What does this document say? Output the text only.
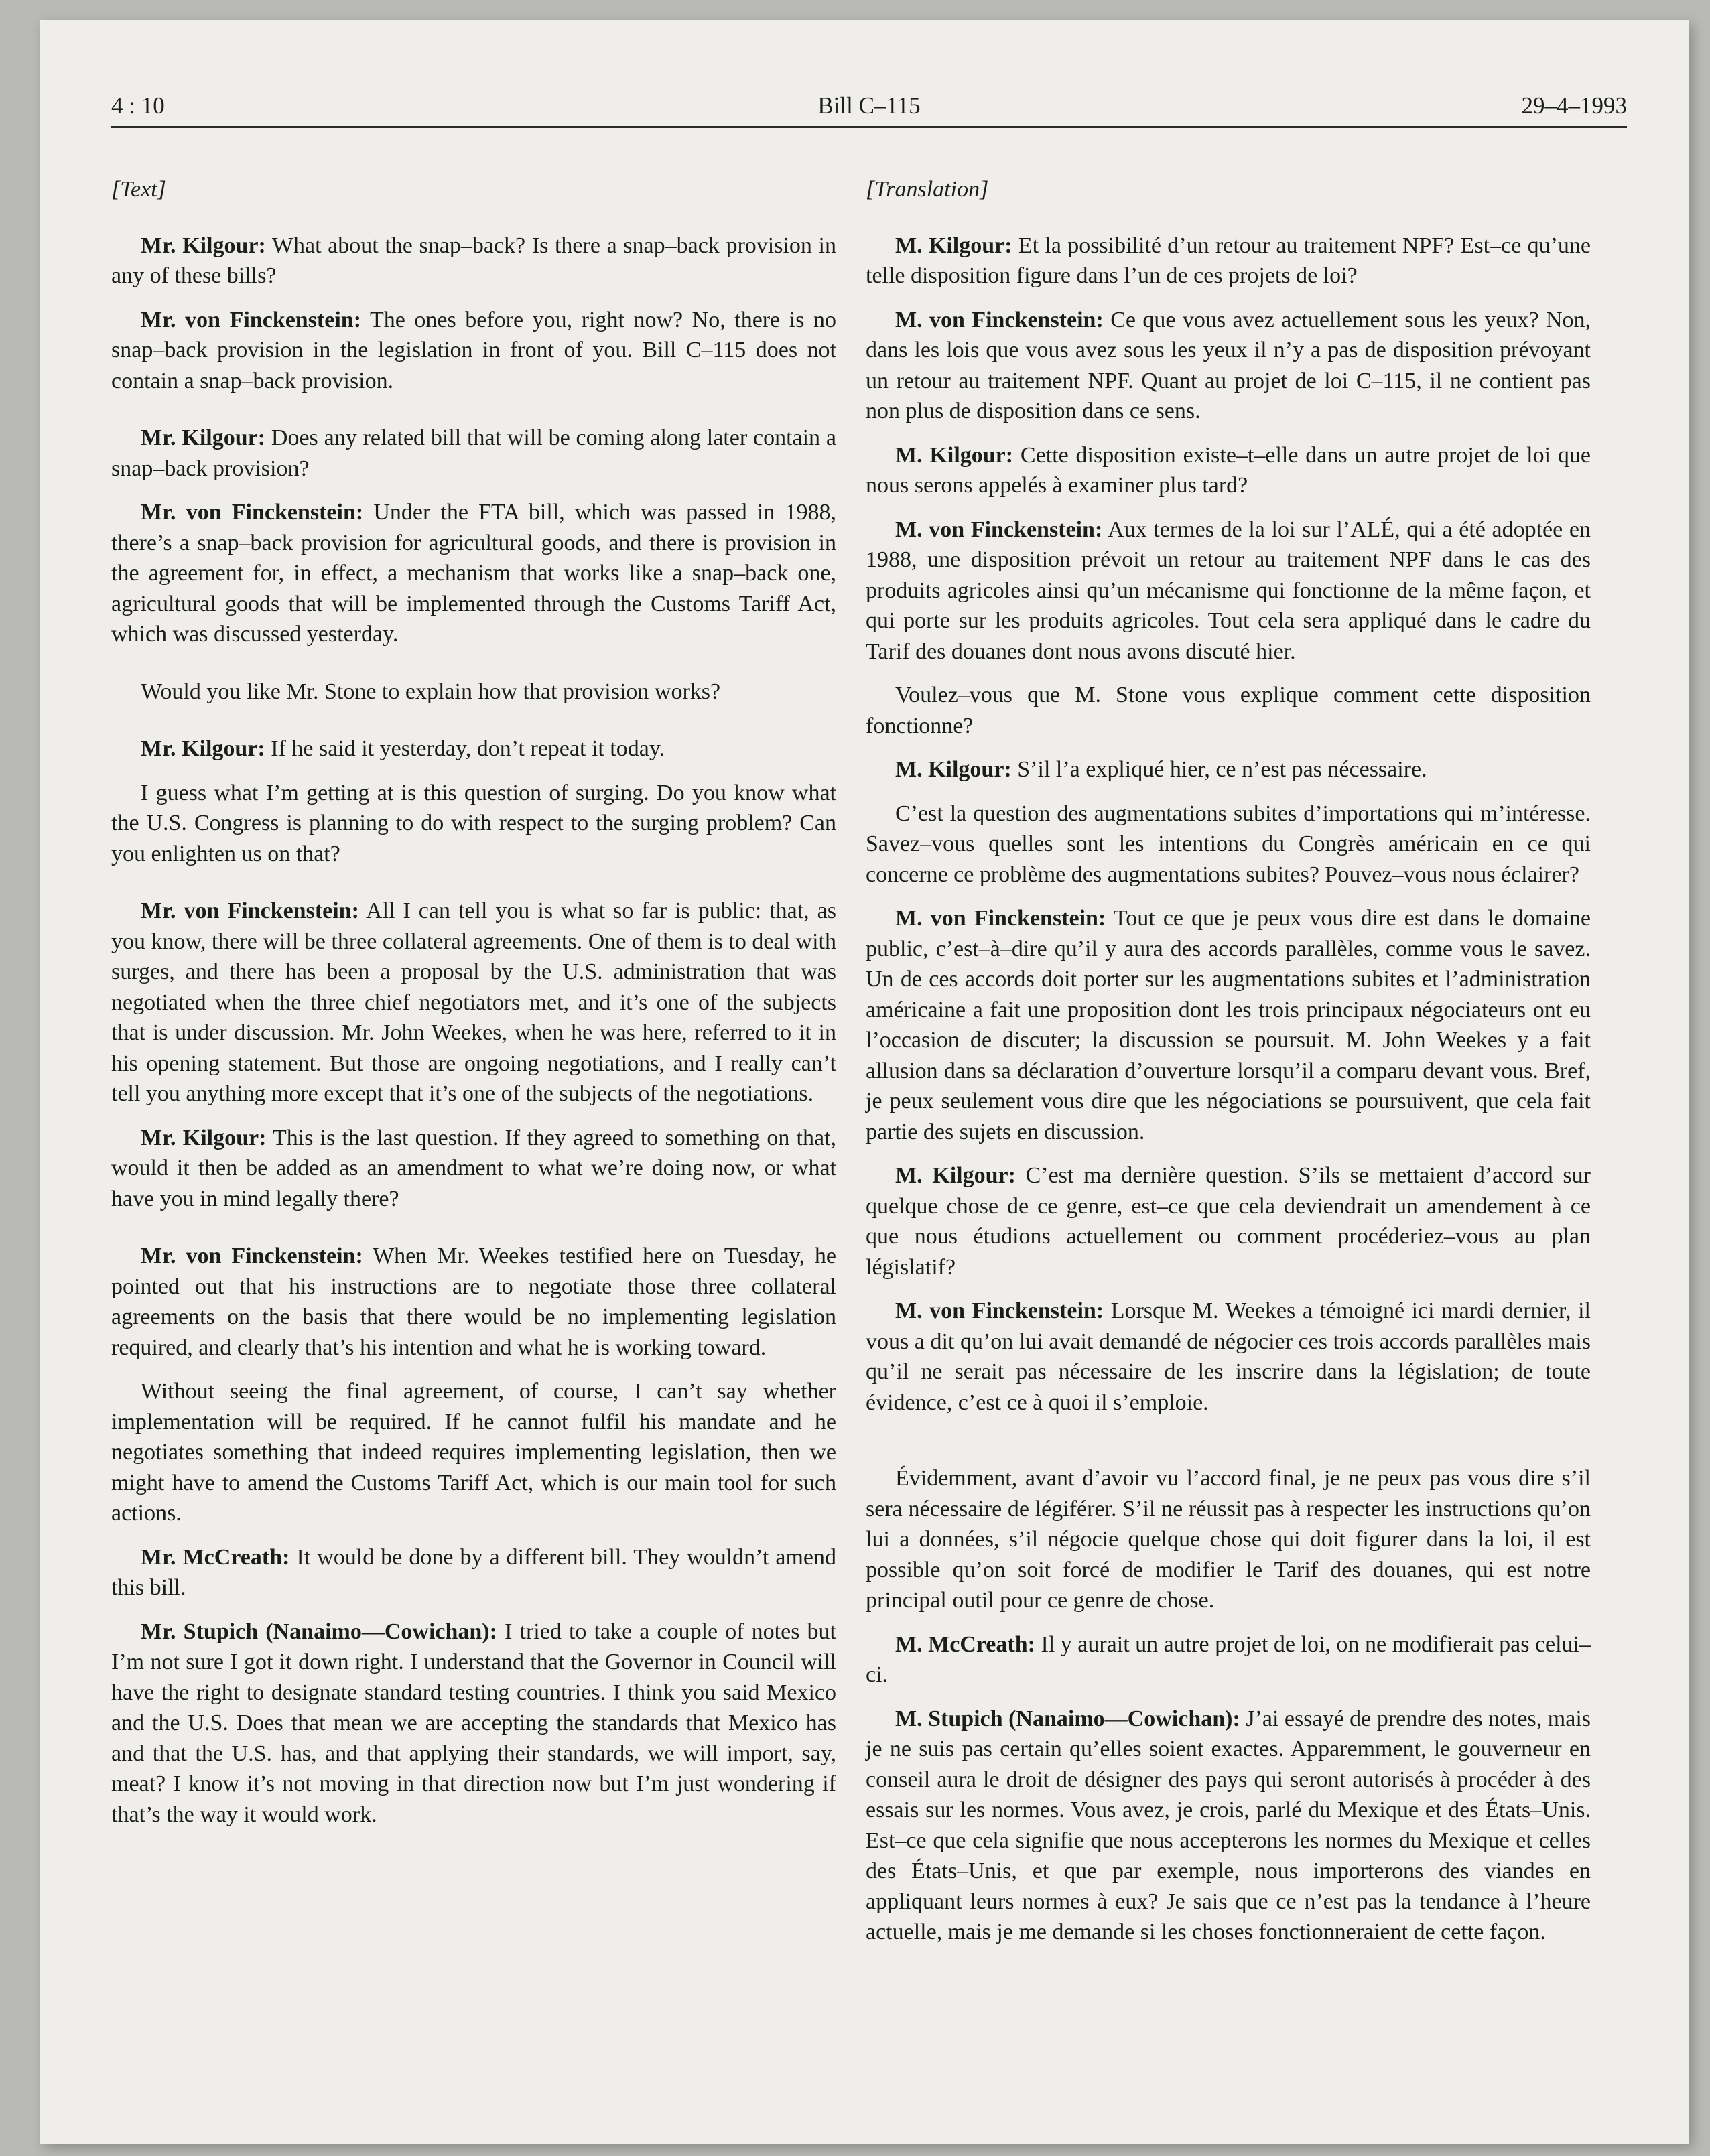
4 : 10	Bill C–115	29–4–1993
[Text]

Mr. Kilgour: What about the snap–back? Is there a snap–back provision in any of these bills?

Mr. von Finckenstein: The ones before you, right now? No, there is no snap–back provision in the legislation in front of you. Bill C–115 does not contain a snap–back provision.

Mr. Kilgour: Does any related bill that will be coming along later contain a snap–back provision?

Mr. von Finckenstein: Under the FTA bill, which was passed in 1988, there’s a snap–back provision for agricultural goods, and there is provision in the agreement for, in effect, a mechanism that works like a snap–back one, agricultural goods that will be implemented through the Customs Tariff Act, which was discussed yesterday.

Would you like Mr. Stone to explain how that provision works?

Mr. Kilgour: If he said it yesterday, don’t repeat it today.

I guess what I’m getting at is this question of surging. Do you know what the U.S. Congress is planning to do with respect to the surging problem? Can you enlighten us on that?

Mr. von Finckenstein: All I can tell you is what so far is public: that, as you know, there will be three collateral agreements. One of them is to deal with surges, and there has been a proposal by the U.S. administration that was negotiated when the three chief negotiators met, and it’s one of the subjects that is under discussion. Mr. John Weekes, when he was here, referred to it in his opening statement. But those are ongoing negotiations, and I really can’t tell you anything more except that it’s one of the subjects of the negotiations.

Mr. Kilgour: This is the last question. If they agreed to something on that, would it then be added as an amendment to what we’re doing now, or what have you in mind legally there?

Mr. von Finckenstein: When Mr. Weekes testified here on Tuesday, he pointed out that his instructions are to negotiate those three collateral agreements on the basis that there would be no implementing legislation required, and clearly that’s his intention and what he is working toward.

Without seeing the final agreement, of course, I can’t say whether implementation will be required. If he cannot fulfil his mandate and he negotiates something that indeed requires implementing legislation, then we might have to amend the Customs Tariff Act, which is our main tool for such actions.

Mr. McCreath: It would be done by a different bill. They wouldn’t amend this bill.

Mr. Stupich (Nanaimo—Cowichan): I tried to take a couple of notes but I’m not sure I got it down right. I understand that the Governor in Council will have the right to designate standard testing countries. I think you said Mexico and the U.S. Does that mean we are accepting the standards that Mexico has and that the U.S. has, and that applying their standards, we will import, say, meat? I know it’s not moving in that direction now but I’m just wondering if that’s the way it would work.

[Translation]

M. Kilgour: Et la possibilité d’un retour au traitement NPF? Est–ce qu’une telle disposition figure dans l’un de ces projets de loi?

M. von Finckenstein: Ce que vous avez actuellement sous les yeux? Non, dans les lois que vous avez sous les yeux il n’y a pas de disposition prévoyant un retour au traitement NPF. Quant au projet de loi C–115, il ne contient pas non plus de disposition dans ce sens.

M. Kilgour: Cette disposition existe–t–elle dans un autre projet de loi que nous serons appelés à examiner plus tard?

M. von Finckenstein: Aux termes de la loi sur l’ALÉ, qui a été adoptée en 1988, une disposition prévoit un retour au traitement NPF dans le cas des produits agricoles ainsi qu’un mécanisme qui fonctionne de la même façon, et qui porte sur les produits agricoles. Tout cela sera appliqué dans le cadre du Tarif des douanes dont nous avons discuté hier.

Voulez–vous que M. Stone vous explique comment cette disposition fonctionne?

M. Kilgour: S’il l’a expliqué hier, ce n’est pas nécessaire.

C’est la question des augmentations subites d’importations qui m’intéresse. Savez–vous quelles sont les intentions du Congrès américain en ce qui concerne ce problème des augmentations subites? Pouvez–vous nous éclairer?

M. von Finckenstein: Tout ce que je peux vous dire est dans le domaine public, c’est–à–dire qu’il y aura des accords parallèles, comme vous le savez. Un de ces accords doit porter sur les augmentations subites et l’administration américaine a fait une proposition dont les trois principaux négociateurs ont eu l’occasion de discuter; la discussion se poursuit. M. John Weekes y a fait allusion dans sa déclaration d’ouverture lorsqu’il a comparu devant vous. Bref, je peux seulement vous dire que les négociations se poursuivent, que cela fait partie des sujets en discussion.

M. Kilgour: C’est ma dernière question. S’ils se mettaient d’accord sur quelque chose de ce genre, est–ce que cela deviendrait un amendement à ce que nous étudions actuellement ou comment procéderiez–vous au plan législatif?

M. von Finckenstein: Lorsque M. Weekes a témoigné ici mardi dernier, il vous a dit qu’on lui avait demandé de négocier ces trois accords parallèles mais qu’il ne serait pas nécessaire de les inscrire dans la législation; de toute évidence, c’est ce à quoi il s’emploie.

Évidemment, avant d’avoir vu l’accord final, je ne peux pas vous dire s’il sera nécessaire de légiférer. S’il ne réussit pas à respecter les instructions qu’on lui a données, s’il négocie quelque chose qui doit figurer dans la loi, il est possible qu’on soit forcé de modifier le Tarif des douanes, qui est notre principal outil pour ce genre de chose.

M. McCreath: Il y aurait un autre projet de loi, on ne modifierait pas celui–ci.

M. Stupich (Nanaimo—Cowichan): J’ai essayé de prendre des notes, mais je ne suis pas certain qu’elles soient exactes. Apparemment, le gouverneur en conseil aura le droit de désigner des pays qui seront autorisés à procéder à des essais sur les normes. Vous avez, je crois, parlé du Mexique et des États–Unis. Est–ce que cela signifie que nous accepterons les normes du Mexique et celles des États–Unis, et que par exemple, nous importerons des viandes en appliquant leurs normes à eux? Je sais que ce n’est pas la tendance à l’heure actuelle, mais je me demande si les choses fonctionneraient de cette façon.
